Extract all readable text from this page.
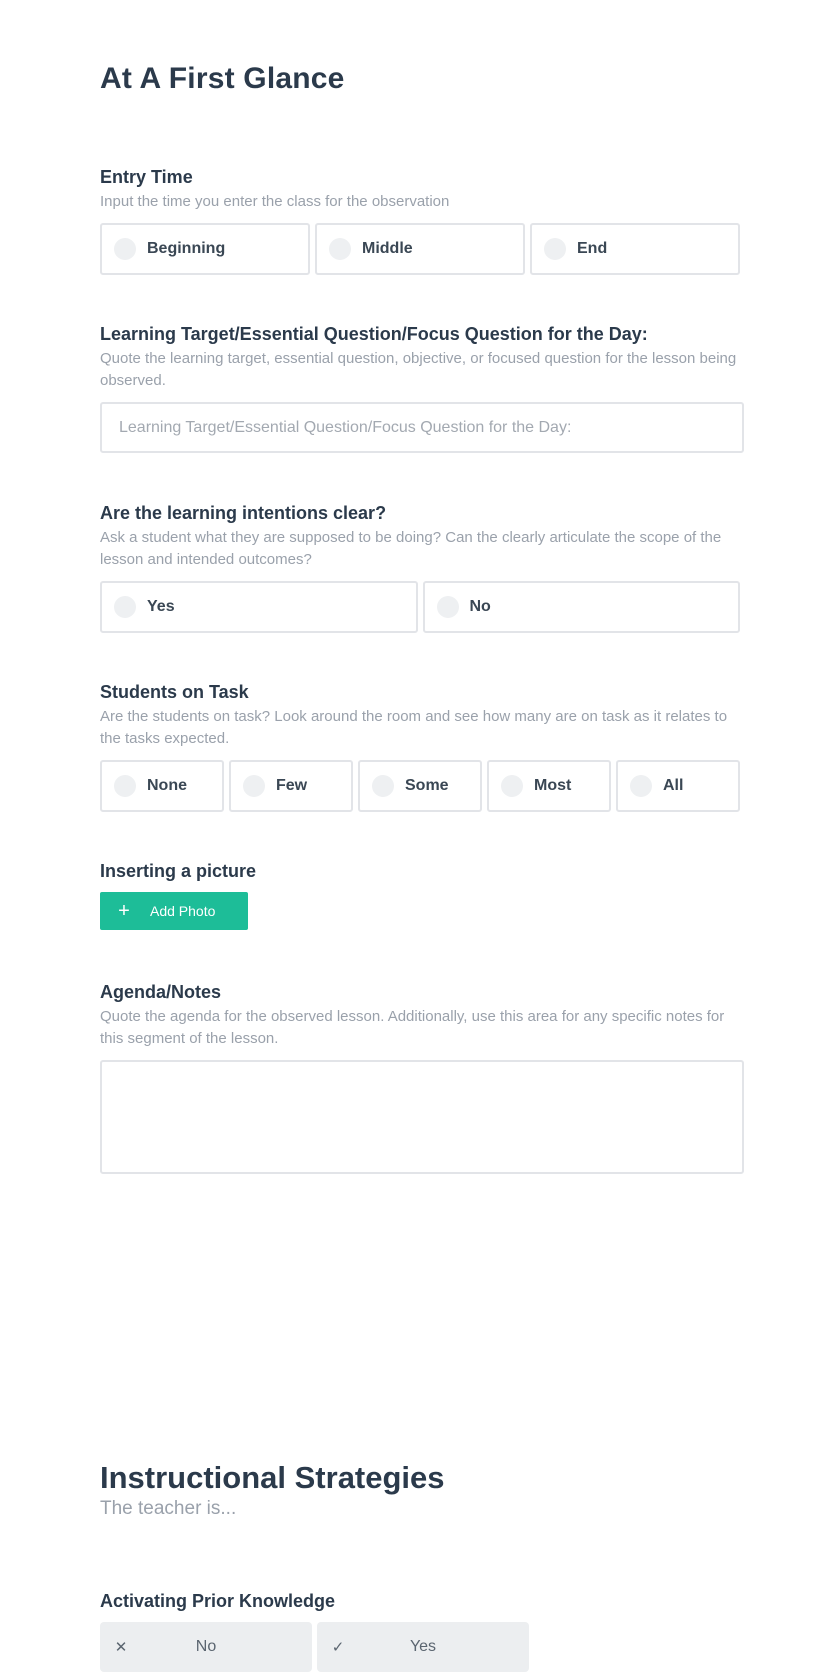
At A First Glance
Entry Time
Input the time you enter the class for the observation
Beginning	Middle	End
Learning Target/Essential Question/Focus Question for the Day:
Quote the learning target, essential question, objective, or focused question for the lesson being observed.
Learning Target/Essential Question/Focus Question for the Day:
Are the learning intentions clear?
Ask a student what they are supposed to be doing? Can the clearly articulate the scope of the lesson and intended outcomes?
Yes	No
Students on Task
Are the students on task? Look around the room and see how many are on task as it relates to the tasks expected.
None	Few	Some	Most	All
Inserting a picture
+ Add Photo
Agenda/Notes
Quote the agenda for the observed lesson. Additionally, use this area for any specific notes for this segment of the lesson.
Instructional Strategies
The teacher is...
Activating Prior Knowledge
✕	No	✓	Yes
